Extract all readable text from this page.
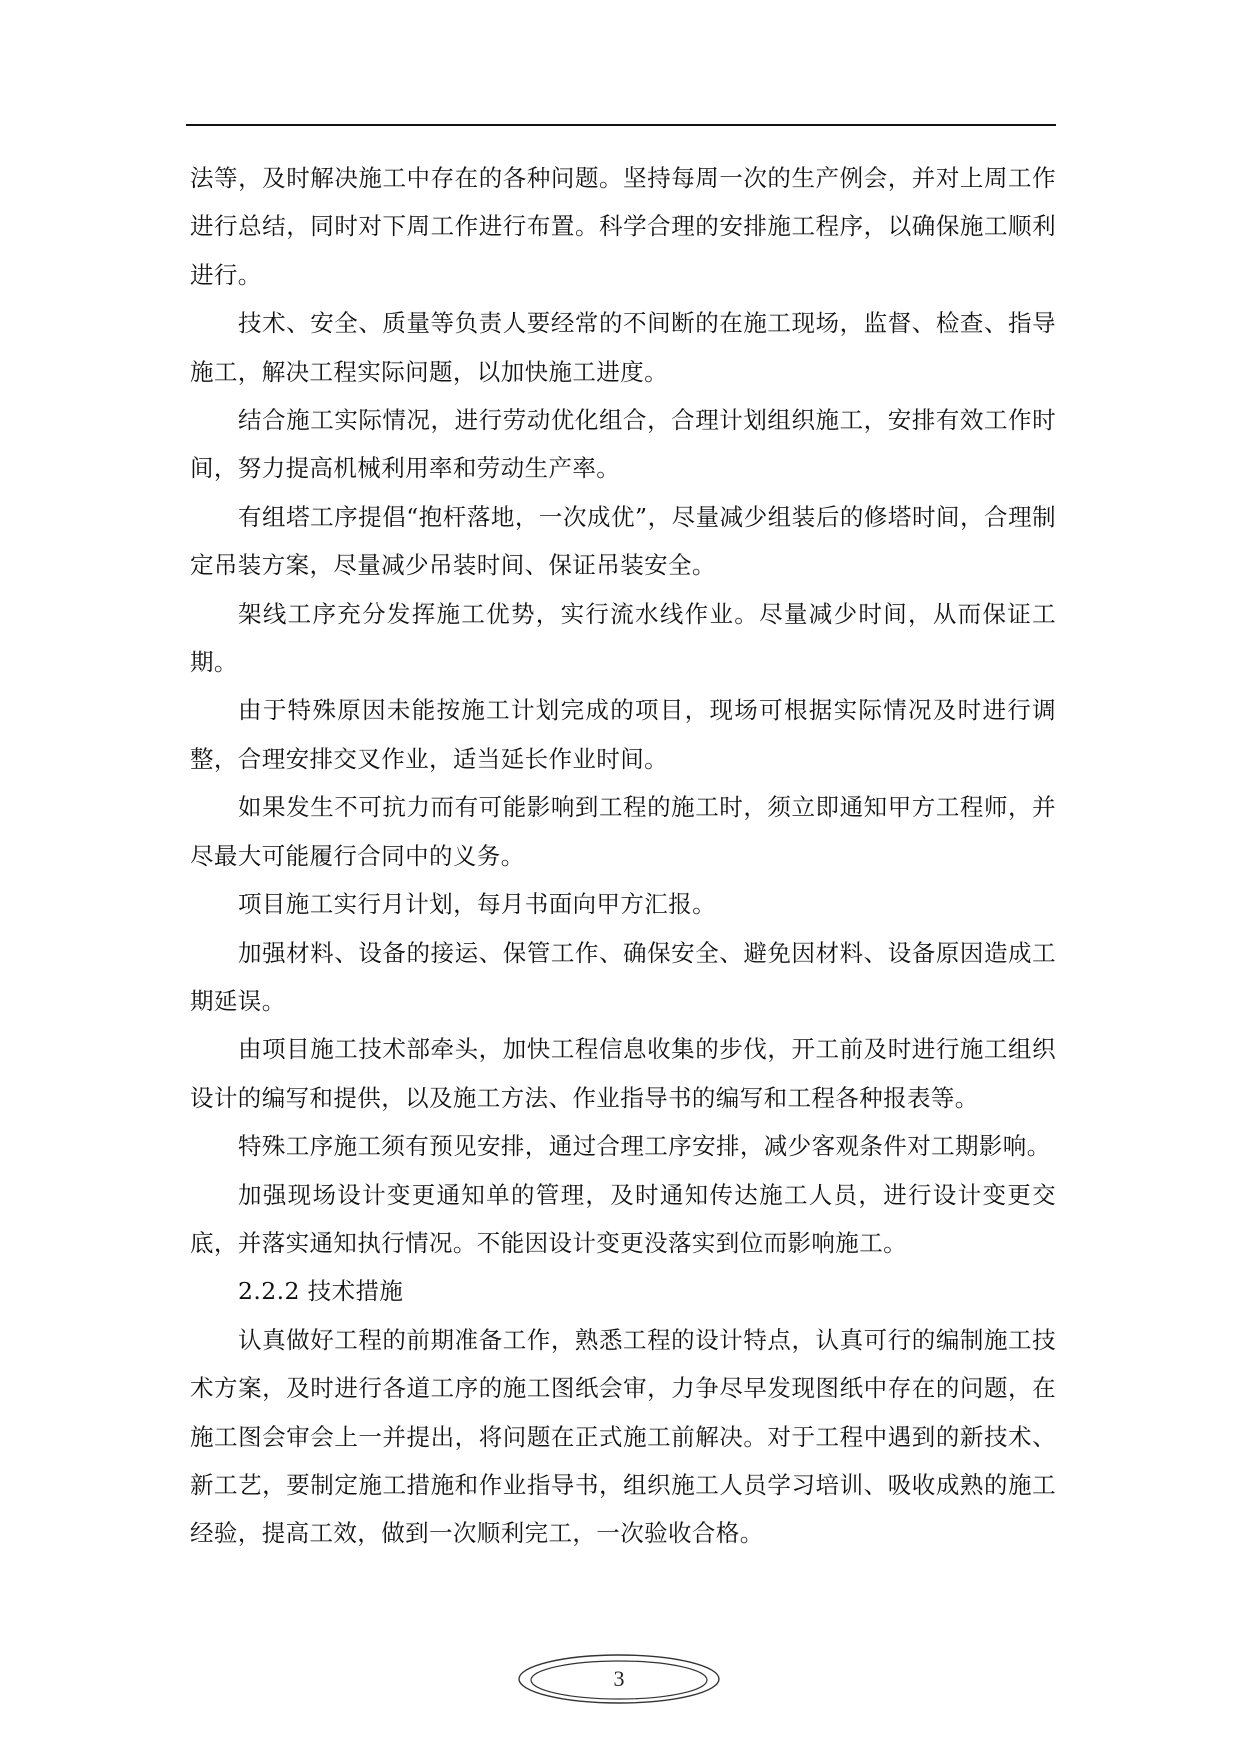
法等，及时解决施工中存在的各种问题。坚持每周一次的生产例会，并对上周工作进行总结，同时对下周工作进行布置。科学合理的安排施工程序，以确保施工顺利进行。

技术、安全、质量等负责人要经常的不间断的在施工现场，监督、检查、指导施工，解决工程实际问题，以加快施工进度。

结合施工实际情况，进行劳动优化组合，合理计划组织施工，安排有效工作时间，努力提高机械利用率和劳动生产率。

有组塔工序提倡“抱杆落地，一次成优”，尽量减少组装后的修塔时间，合理制定吊装方案，尽量减少吊装时间、保证吊装安全。

架线工序充分发挥施工优势，实行流水线作业。尽量减少时间，从而保证工期。

由于特殊原因未能按施工计划完成的项目，现场可根据实际情况及时进行调整，合理安排交叉作业，适当延长作业时间。

如果发生不可抗力而有可能影响到工程的施工时，须立即通知甲方工程师，并尽最大可能履行合同中的义务。

项目施工实行月计划，每月书面向甲方汇报。

加强材料、设备的接运、保管工作、确保安全、避免因材料、设备原因造成工期延误。

由项目施工技术部牵头，加快工程信息收集的步伐，开工前及时进行施工组织设计的编写和提供，以及施工方法、作业指导书的编写和工程各种报表等。

特殊工序施工须有预见安排，通过合理工序安排，减少客观条件对工期影响。

加强现场设计变更通知单的管理，及时通知传达施工人员，进行设计变更交底，并落实通知执行情况。不能因设计变更没落实到位而影响施工。

2.2.2 技术措施

认真做好工程的前期准备工作，熟悉工程的设计特点，认真可行的编制施工技术方案，及时进行各道工序的施工图纸会审，力争尽早发现图纸中存在的问题，在施工图会审会上一并提出，将问题在正式施工前解决。对于工程中遇到的新技术、新工艺，要制定施工措施和作业指导书，组织施工人员学习培训、吸收成熟的施工经验，提高工效，做到一次顺利完工，一次验收合格。

3
